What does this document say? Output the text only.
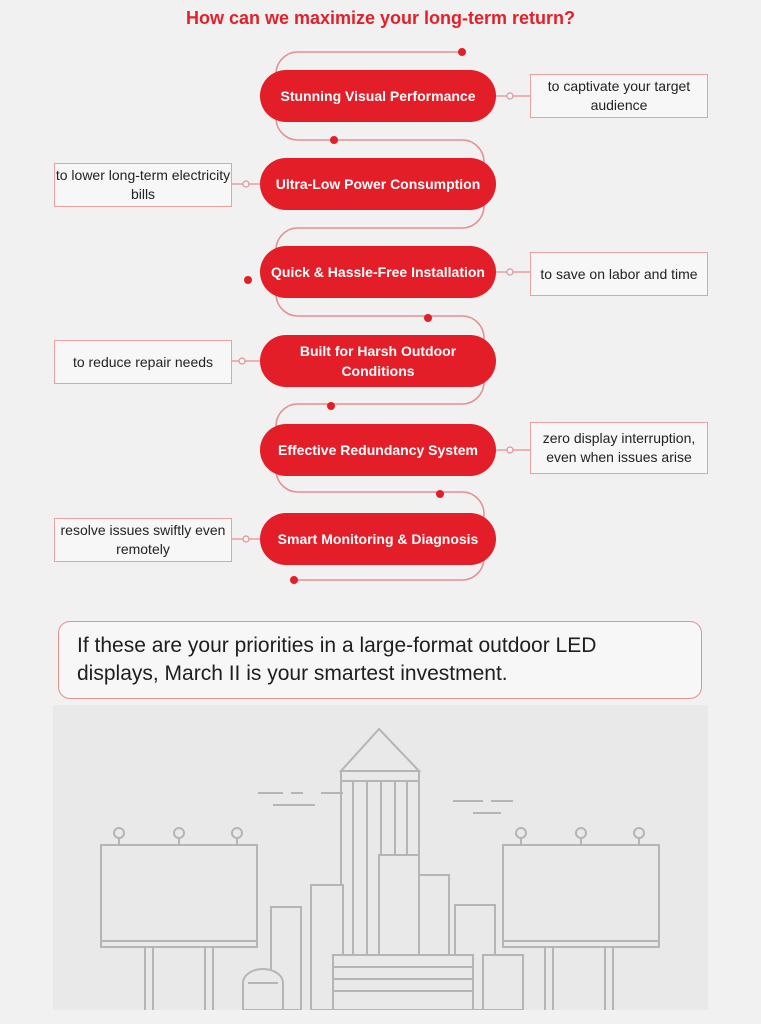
How can we maximize your long-term return?
Stunning Visual Performance
Ultra-Low Power Consumption
Quick & Hassle-Free Installation
Built for Harsh Outdoor Conditions
Effective Redundancy System
Smart Monitoring & Diagnosis
to captivate your target audience
to lower long-term electricity bills
to save on labor and time
to reduce repair needs
zero display interruption, even when issues arise
resolve issues swiftly even remotely
If these are your priorities in a large-format outdoor LED displays, March II is your smartest investment.
